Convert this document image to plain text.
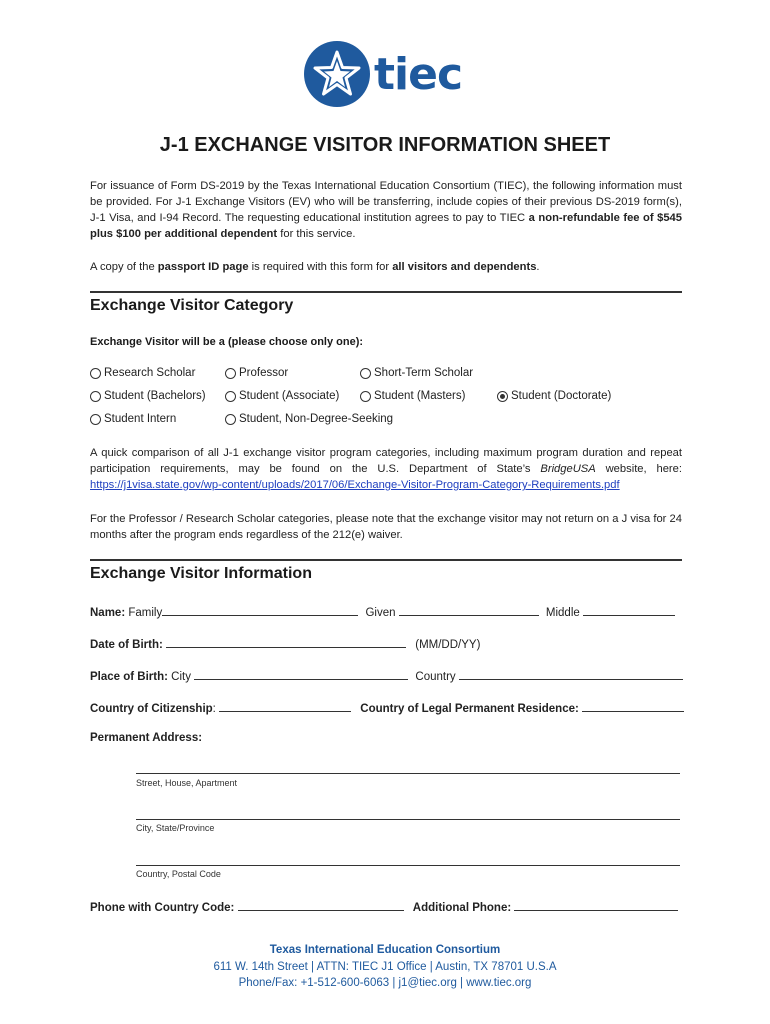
tiec
J-1 EXCHANGE VISITOR INFORMATION SHEET
For issuance of Form DS-2019 by the Texas International Education Consortium (TIEC), the following information must be provided. For J-1 Exchange Visitors (EV) who will be transferring, include copies of their previous DS-2019 form(s), J-1 Visa, and I-94 Record. The requesting educational institution agrees to pay to TIEC a non-refundable fee of $545 plus $100 per additional dependent for this service.
A copy of the passport ID page is required with this form for all visitors and dependents.
Exchange Visitor Category
Exchange Visitor will be a (please choose only one):
Research Scholar	Professor	Short-Term Scholar
Student (Bachelors)	Student (Associate)	Student (Masters)	Student (Doctorate)
Student Intern	Student, Non-Degree-Seeking
A quick comparison of all J-1 exchange visitor program categories, including maximum program duration and repeat participation requirements, may be found on the U.S. Department of State’s BridgeUSA website, here: https://j1visa.state.gov/wp-content/uploads/2017/06/Exchange-Visitor-Program-Category-Requirements.pdf
For the Professor / Research Scholar categories, please note that the exchange visitor may not return on a J visa for 24 months after the program ends regardless of the 212(e) waiver.
Exchange Visitor Information
Name: Family	Given	Middle
Date of Birth:	(MM/DD/YY)
Place of Birth: City	Country
Country of Citizenship:	Country of Legal Permanent Residence:
Permanent Address:
Street, House, Apartment
City, State/Province
Country, Postal Code
Phone with Country Code:	Additional Phone:
Texas International Education Consortium
611 W. 14th Street | ATTN: TIEC J1 Office | Austin, TX 78701 U.S.A
Phone/Fax: +1-512-600-6063 | j1@tiec.org | www.tiec.org
